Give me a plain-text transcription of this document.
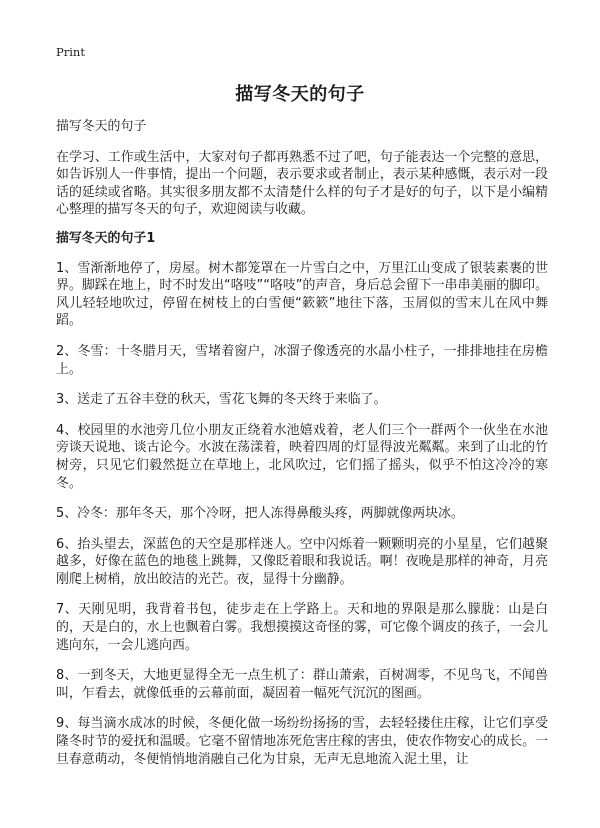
Print
描写冬天的句子

描写冬天的句子

在学习、工作或生活中，大家对句子都再熟悉不过了吧，句子能表达一个完整的意思，如告诉别人一件事情，提出一个问题，表示要求或者制止，表示某种感慨，表示对一段话的延续或省略。其实很多朋友都不太清楚什么样的句子才是好的句子，以下是小编精心整理的描写冬天的句子，欢迎阅读与收藏。

描写冬天的句子1

1、雪渐渐地停了，房屋。树木都笼罩在一片雪白之中，万里江山变成了银装素裹的世界。脚踩在地上，时不时发出“咯吱”“咯吱”的声音，身后总会留下一串串美丽的脚印。风儿轻轻地吹过，停留在树枝上的白雪便“簌簌”地往下落，玉屑似的雪末儿在风中舞蹈。

2、冬雪：十冬腊月天，雪堵着窗户，冰溜子像透亮的水晶小柱子，一排排地挂在房檐上。

3、送走了五谷丰登的秋天，雪花飞舞的冬天终于来临了。

4、校园里的水池旁几位小朋友正绕着水池嬉戏着，老人们三个一群两个一伙坐在水池旁谈天说地、谈古论今。水波在荡漾着，映着四周的灯显得波光粼粼。来到了山北的竹树旁，只见它们毅然挺立在草地上，北风吹过，它们摇了摇头，似乎不怕这冷冷的寒冬。

5、冷冬：那年冬天，那个冷呀，把人冻得鼻酸头疼，两脚就像两块冰。

6、抬头望去，深蓝色的天空是那样迷人。空中闪烁着一颗颗明亮的小星星，它们越聚越多，好像在蓝色的地毯上跳舞，又像眨着眼和我说话。啊！夜晚是那样的神奇，月亮刚爬上树梢，放出皎洁的光芒。夜，显得十分幽静。

7、天刚见明，我背着书包，徒步走在上学路上。天和地的界限是那么朦胧：山是白的，天是白的，水上也飘着白雾。我想摸摸这奇怪的雾，可它像个调皮的孩子，一会儿逃向东，一会儿逃向西。

8、一到冬天，大地更显得全无一点生机了：群山萧索，百树凋零，不见鸟飞，不闻兽叫，乍看去，就像低垂的云幕前面，凝固着一幅死气沉沉的图画。

9、每当滴水成冰的时候，冬便化做一场纷纷扬扬的雪，去轻轻搂住庄稼，让它们享受隆冬时节的爱抚和温暖。它毫不留情地冻死危害庄稼的害虫，使农作物安心的成长。一旦春意萌动，冬便悄悄地消融自己化为甘泉，无声无息地流入泥土里，让
